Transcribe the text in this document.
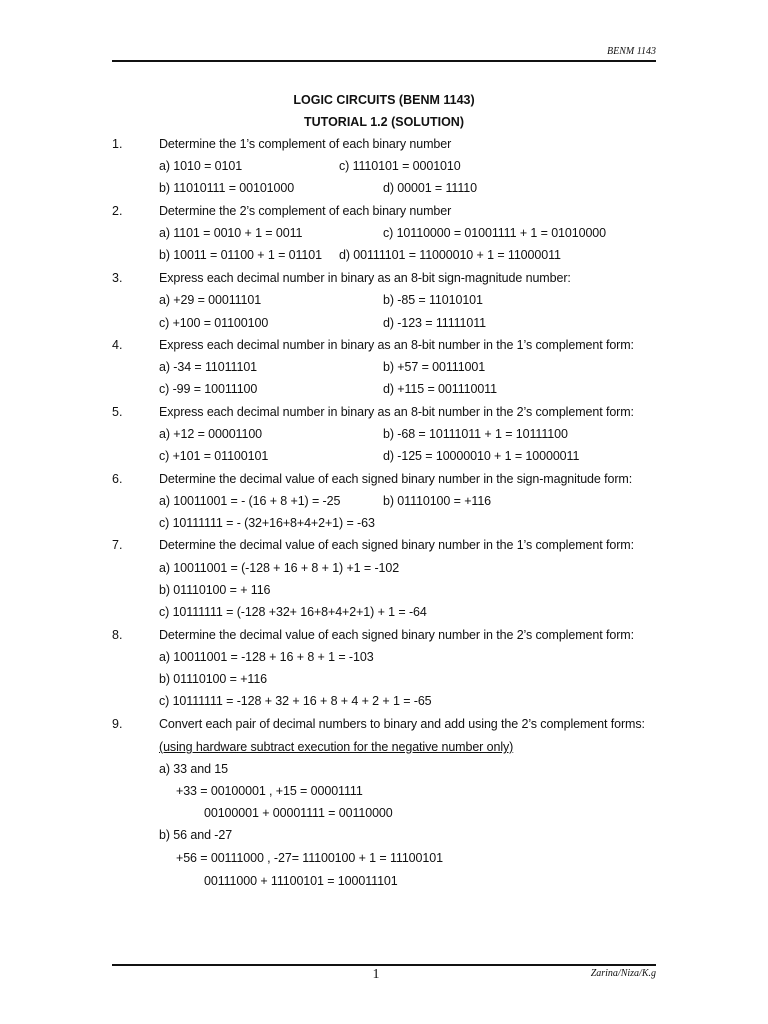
BENM 1143
LOGIC CIRCUITS (BENM 1143)
TUTORIAL 1.2 (SOLUTION)
1.	Determine the 1’s complement of each binary number
a) 1010 = 0101	c) 1110101 = 0001010
b) 11010111 = 00101000	d) 00001 = 11110
2.	Determine the 2’s complement of each binary number
a) 1101 = 0010 + 1 = 0011	c) 10110000 = 01001111 + 1 = 01010000
b) 10011 = 01100 + 1 = 01101 d) 00111101 = 11000010 + 1 = 11000011
3.	Express each decimal number in binary as an 8-bit sign-magnitude number:
a) +29 = 00011101	b) -85 = 11010101
c) +100 = 01100100	d) -123 = 11111011
4.	Express each decimal number in binary as an 8-bit number in the 1’s complement form:
a) -34 = 11011101	b) +57 = 00111001
c) -99 = 10011100	d) +115 = 001110011
5.	Express each decimal number in binary as an 8-bit number in the 2’s complement form:
a) +12 = 00001100	b) -68 = 10111011 + 1 = 10111100
c) +101 = 01100101	d) -125 = 10000010 + 1 = 10000011
6.	Determine the decimal value of each signed binary number in the sign-magnitude form:
a) 10011001 = - (16 + 8 +1) = -25	b) 01110100 = +116
c) 10111111 = - (32+16+8+4+2+1) = -63
7.	Determine the decimal value of each signed binary number in the 1’s complement form:
a) 10011001 = (-128 + 16 + 8 + 1) +1 = -102
b) 01110100 = + 116
c) 10111111 = (-128 +32+ 16+8+4+2+1) + 1 = -64
8.	Determine the decimal value of each signed binary number in the 2’s complement form:
a) 10011001 = -128 + 16 + 8 + 1 = -103
b) 01110100 = +116
c) 10111111 = -128 + 32 + 16 + 8 + 4 + 2 + 1 = -65
9.	Convert each pair of decimal numbers to binary and add using the 2’s complement forms:
(using hardware subtract execution for the negative number only)
a) 33 and 15
+33 = 00100001 , +15 = 00001111
00100001 + 00001111 = 00110000
b) 56 and -27
+56 = 00111000 , -27= 11100100 + 1 = 11100101
00111000 + 11100101 = 100011101
1	Zarina/Niza/K.g
